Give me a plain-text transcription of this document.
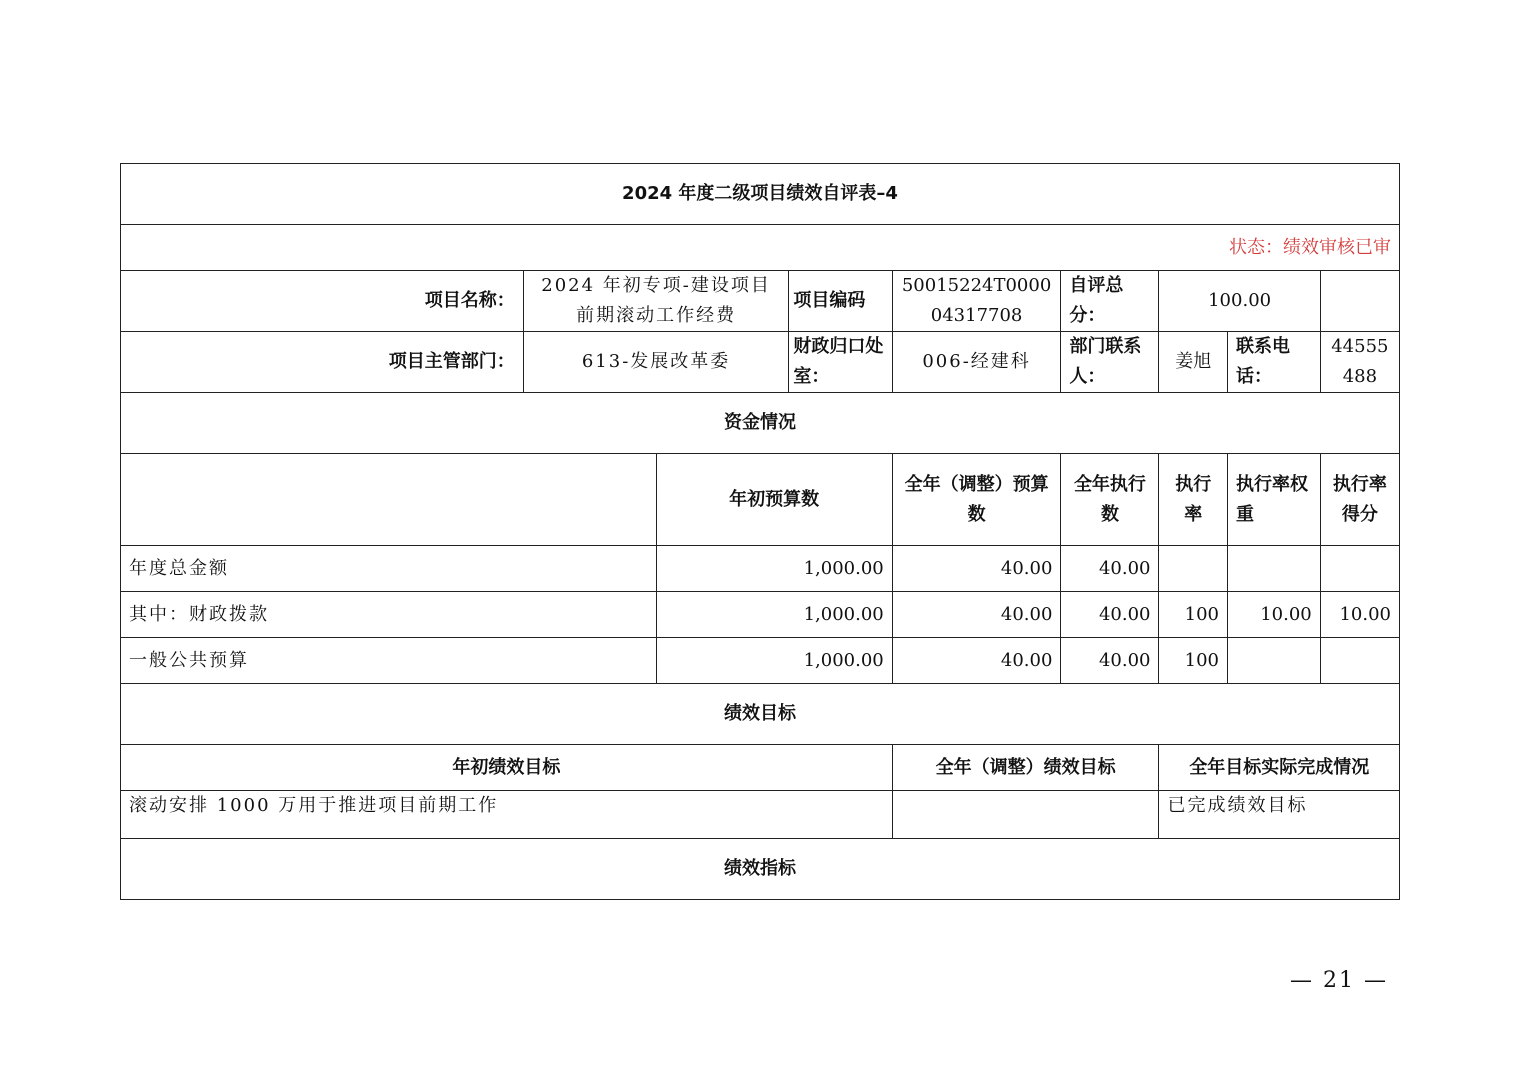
2024 年度二级项目绩效自评表–4								
状态：绩效审核已审								
项目名称：	2024 年初专项-建设项目前期滚动工作经费		项目编码	50015224T000004317708	自评总分：	100.00		
项目主管部门：	613-发展改革委		财政归口处室：	006-经建科	部门联系人：	姜旭	联系电话：	44555488
资金情况								
		年初预算数		全年（调整）预算数	全年执行数	执行率	执行率权重	执行率得分
年度总金额		1,000.00		40.00	40.00			
其中：财政拨款		1,000.00		40.00	40.00	100	10.00	10.00
一般公共预算		1,000.00		40.00	40.00	100		
绩效目标								
年初绩效目标				全年（调整）绩效目标		全年目标实际完成情况		
滚动安排 1000 万用于推进项目前期工作						已完成绩效目标		
绩效指标								
— 21 —
